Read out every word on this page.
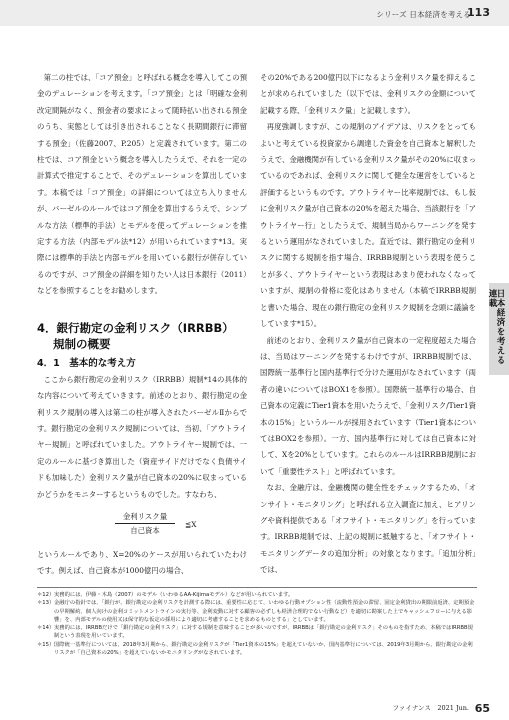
シリーズ 日本経済を考える
113

第二の柱では、「コア預金」と呼ばれる概念を導入してこの預金のデュレーションを考えます。「コア預金」とは「明確な金利改定間隔がなく、預金者の要求によって随時払い出される預金のうち、実態としては引き出されることなく長期間銀行に滞留する預金」（佐藤2007、P.205）と定義されています。第二の柱では、コア預金という概念を導入したうえで、それを一定の計算式で推定することで、そのデュレーションを算出しています。本稿では「コア預金」の詳細については立ち入りませんが、バーゼルのルールではコア預金を算出するうえで、シンプルな方法（標準的手法）とモデルを使ってデュレーションを推定する方法（内部モデル法*12）が用いられています*13。実際には標準的手法と内部モデルを用いている銀行が併存しているのですが、コア預金の詳細を知りたい人は日本銀行（2011）などを参照することをお勧めします。

4．銀行勘定の金利リスク（IRRBB）
規制の概要
4．1　基本的な考え方

ここから銀行勘定の金利リスク（IRRBB）規制*14の具体的な内容について考えていきます。前述のとおり、銀行勘定の金利リスク規制の導入は第二の柱が導入されたバーゼルⅡからです。銀行勘定の金利リスク規制については、当初、「アウトライヤー規制」と呼ばれていました。アウトライヤー規制では、一定のルールに基づき算出した（資産サイドだけでなく負債サイドも加味した）金利リスク量が自己資本の20%に収まっているかどうかをモニターするというものでした。すなわち、

金利リスク量
自己資本
≦X

というルールであり、X=20%のケースが用いられていたわけです。例えば、自己資本が1000億円の場合、

その20%である200億円以下になるよう金利リスク量を抑えることが求められていました（以下では、金利リスクの金額について記載する際、「金利リスク量」と記載します）。

再度強調しますが、この規制のアイデアは、リスクをとってもよいと考えている投資家から調達した資金を自己資本と解釈したうえで、金融機関が有している金利リスク量がその20%に収まっているのであれば、金利リスクに関して健全な運営をしていると評価するというものです。アウトライヤー比率規制では、もし仮に金利リスク量が自己資本の20%を超えた場合、当該銀行を「アウトライヤー行」としたうえで、規制当局からワーニングを発するという運用がなされていました。直近では、銀行勘定の金利リスクに関する規制を指す場合、IRRBB規制という表現を使うことが多く、アウトライヤーという表現はあまり使われなくなっていますが、規制の骨格に変化はありません（本稿でIRRBB規制と書いた場合、現在の銀行勘定の金利リスク規制を念頭に議論をしています*15）。

前述のとおり、金利リスク量が自己資本の一定程度超えた場合は、当局はワーニングを発するわけですが、IRRBB規制では、国際統一基準行と国内基準行で分けた運用がなされています（両者の違いについてはBOX1を参照）。国際統一基準行の場合、自己資本の定義にTier1資本を用いたうえで、「金利リスク/Tier1資本の15%」というルールが採用されています（Tier1資本についてはBOX2を参照）。一方、国内基準行に対しては自己資本に対して、Xを20%としています。これらのルールはIRRBB規制において「重要性テスト」と呼ばれています。

なお、金融庁は、金融機関の健全性をチェックするため、「オンサイト・モニタリング」と呼ばれる立入調査に加え、ヒアリングや資料提供である「オフサイト・モニタリング」を行っています。IRRBB規制では、上記の規制に抵触すると、「オフサイト・モニタリングデータの追加分析」の対象となります。「追加分析」では、

連載
日本経済を考える
＊12） 実務的には、伊藤・木島（2007）のモデル（いわゆるAA-Kijimaモデル）などが用いられています。
＊13） 金融庁の指針では、「銀行が、銀行勘定の金利リスクを計測する際には、重要性に応じて、いわゆる行動オプション性（流動性預金の滞留、固定金利貸出の期限前返済、定期預金の早期解約、個人向けの金利コミットメントラインの実行等、金利変動に対する顧客の必ずしも経済合理的でない行動など）を適切に勘案した上でキャッシュフローに与える影響」を、内部モデルの使用又は保守的な仮定の採用により適切に考慮することを求めるものとする」としています。
＊14） 実務的には、IRRBBだけで「銀行勘定の金利リスク」に対する規制を意味することが多いのですが、IRRBBは「銀行勘定の金利リスク」そのものを指すため、本稿ではIRRBB規制という表現を用いています。
＊15） 国際統一基準行については、2018年3月期から、銀行勘定の金利リスクが「Tier1資本の15%」を超えていないか、国内基準行については、2019年3月期から、銀行勘定の金利リスクが「自己資本の20%」を超えていないかモニタリングがなされています。
ファイナンス　2021 Jun. 65
